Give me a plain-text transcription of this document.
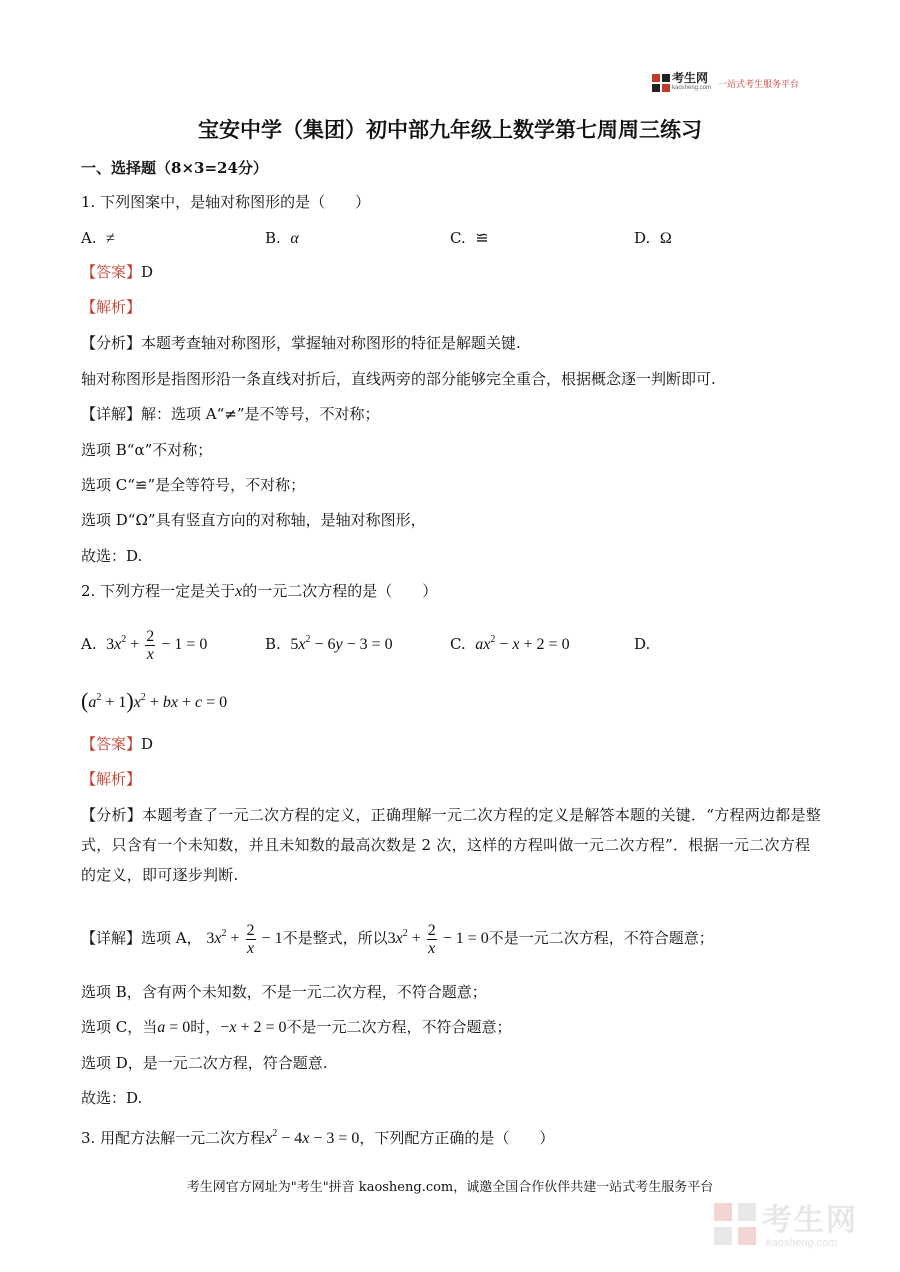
考生网
kaosheng.com 一站式考生服务平台
宝安中学（集团）初中部九年级上数学第七周周三练习
一、选择题（8×3=24分）
1. 下列图案中，是轴对称图形的是（　　）
A. ≠	B. α	C. ≌	D. Ω
【答案】D
【解析】
【分析】本题考查轴对称图形，掌握轴对称图形的特征是解题关键.
轴对称图形是指图形沿一条直线对折后，直线两旁的部分能够完全重合，根据概念逐一判断即可.
【详解】解：选项 A“≠”是不等号，不对称；
选项 B“α”不对称；
选项 C“≌”是全等符号，不对称；
选项 D“Ω”具有竖直方向的对称轴，是轴对称图形，
故选：D.
2. 下列方程一定是关于x的一元二次方程的是（　　）
A. $3x^2 + \frac{2}{x} - 1 = 0$	B. $5x^2 - 6y - 3 = 0$	C. $ax^2 - x + 2 = 0$	D.
$(a^2 + 1)x^2$ + bx + c = 0
【答案】D
【解析】
【分析】本题考查了一元二次方程的定义，正确理解一元二次方程的定义是解答本题的关键．“方程两边都是整式，只含有一个未知数，并且未知数的最高次数是 2 次，这样的方程叫做一元二次方程”．根据一元二次方程的定义，即可逐步判断.
【详解】选项 A， $3x^2 + \frac{2}{x} - 1$不是整式，所以$3x^2 + \frac{2}{x} - 1 = 0$不是一元二次方程，不符合题意；
选项 B，含有两个未知数，不是一元二次方程，不符合题意；
选项 C，当a = 0时，−x + 2 = 0不是一元二次方程，不符合题意；
选项 D，是一元二次方程，符合题意.
故选：D.
3. 用配方法解一元二次方程$x^2 - 4x - 3 = 0$，下列配方正确的是（　　）
考生网官方网址为"考生"拼音 kaosheng.com，诚邀全国合作伙伴共建一站式考生服务平台
考生网
kaosheng.com
